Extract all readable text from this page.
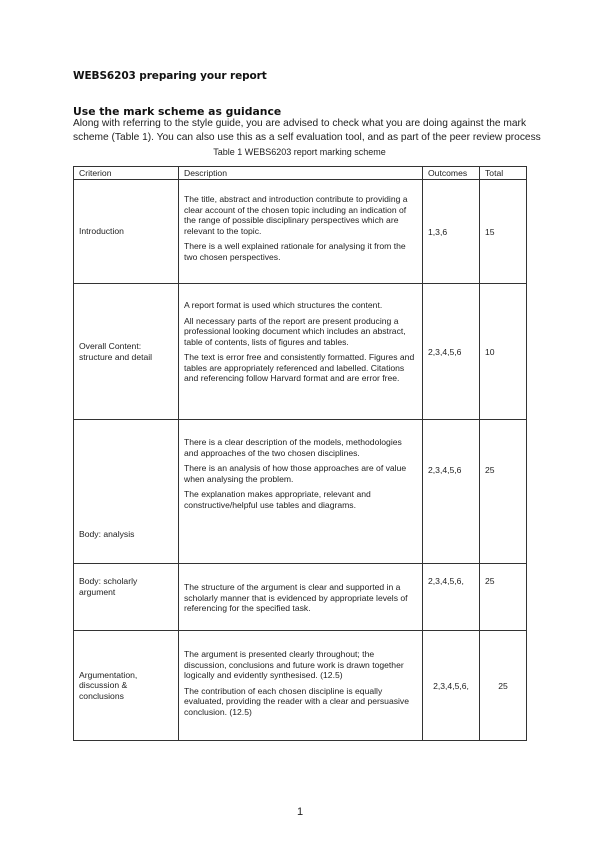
WEBS6203 preparing your report
Use the mark scheme as guidance
Along with referring to the style guide, you are advised to check what you are doing against the mark scheme (Table 1). You can also use this as a self evaluation tool, and as part of the peer review process
Table 1 WEBS6203 report marking scheme
Criterion	Description	Outcomes	Total
Introduction	The title, abstract and introduction contribute to providing a clear account of the chosen topic including an indication of the range of possible disciplinary perspectives which are relevant to the topic.

There is a well explained rationale for analysing it from the two chosen perspectives.	1,3,6	15
Overall Content: structure and detail	A report format is used which structures the content.

All necessary parts of the report are present producing a professional looking document which includes an abstract, table of contents, lists of figures and tables.

The text is error free and consistently formatted. Figures and tables are appropriately referenced and labelled. Citations and referencing follow Harvard format and are error free.	2,3,4,5,6	10
Body: analysis	There is a clear description of the models, methodologies and approaches of the two chosen disciplines.

There is an analysis of how those approaches are of value when analysing the problem.

The explanation makes appropriate, relevant and constructive/helpful use tables and diagrams.	2,3,4,5,6	25
Body: scholarly argument	The structure of the argument is clear and supported in a scholarly manner that is evidenced by appropriate levels of referencing for the specified task.	2,3,4,5,6,	25
Argumentation, discussion & conclusions	The argument is presented clearly throughout; the discussion, conclusions and future work is drawn together logically and evidently synthesised. (12.5)

The contribution of each chosen discipline is equally evaluated, providing the reader with a clear and persuasive conclusion. (12.5)	2,3,4,5,6,	25
1
